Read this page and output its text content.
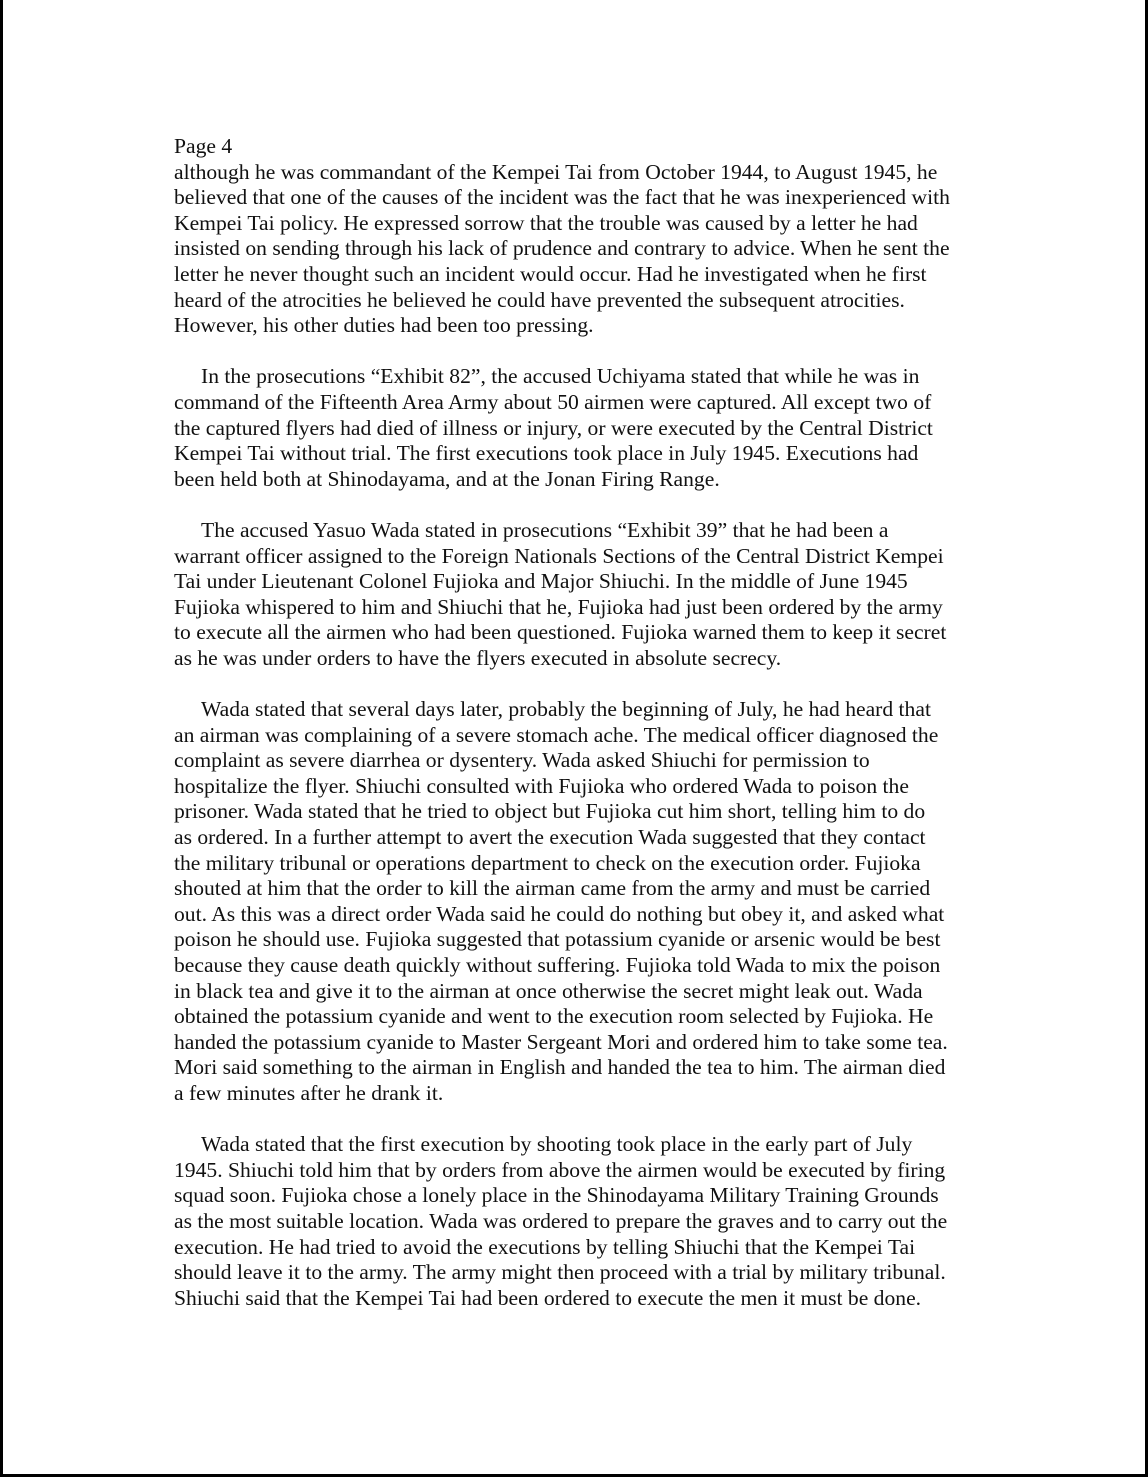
Page 4

although he was commandant of the Kempei Tai from October 1944, to August 1945, he
believed that one of the causes of the incident was the fact that he was inexperienced with
Kempei Tai policy. He expressed sorrow that the trouble was caused by a letter he had
insisted on sending through his lack of prudence and contrary to advice. When he sent the
letter he never thought such an incident would occur. Had he investigated when he first
heard of the atrocities he believed he could have prevented the subsequent atrocities.
However, his other duties had been too pressing.

In the prosecutions “Exhibit 82”, the accused Uchiyama stated that while he was in
command of the Fifteenth Area Army about 50 airmen were captured. All except two of
the captured flyers had died of illness or injury, or were executed by the Central District
Kempei Tai without trial. The first executions took place in July 1945. Executions had
been held both at Shinodayama, and at the Jonan Firing Range.

The accused Yasuo Wada stated in prosecutions “Exhibit 39” that he had been a
warrant officer assigned to the Foreign Nationals Sections of the Central District Kempei
Tai under Lieutenant Colonel Fujioka and Major Shiuchi. In the middle of June 1945
Fujioka whispered to him and Shiuchi that he, Fujioka had just been ordered by the army
to execute all the airmen who had been questioned. Fujioka warned them to keep it secret
as he was under orders to have the flyers executed in absolute secrecy.

Wada stated that several days later, probably the beginning of July, he had heard that
an airman was complaining of a severe stomach ache. The medical officer diagnosed the
complaint as severe diarrhea or dysentery. Wada asked Shiuchi for permission to
hospitalize the flyer. Shiuchi consulted with Fujioka who ordered Wada to poison the
prisoner. Wada stated that he tried to object but Fujioka cut him short, telling him to do
as ordered. In a further attempt to avert the execution Wada suggested that they contact
the military tribunal or operations department to check on the execution order. Fujioka
shouted at him that the order to kill the airman came from the army and must be carried
out. As this was a direct order Wada said he could do nothing but obey it, and asked what
poison he should use. Fujioka suggested that potassium cyanide or arsenic would be best
because they cause death quickly without suffering. Fujioka told Wada to mix the poison
in black tea and give it to the airman at once otherwise the secret might leak out. Wada
obtained the potassium cyanide and went to the execution room selected by Fujioka. He
handed the potassium cyanide to Master Sergeant Mori and ordered him to take some tea.
Mori said something to the airman in English and handed the tea to him. The airman died
a few minutes after he drank it.

Wada stated that the first execution by shooting took place in the early part of July
1945. Shiuchi told him that by orders from above the airmen would be executed by firing
squad soon. Fujioka chose a lonely place in the Shinodayama Military Training Grounds
as the most suitable location. Wada was ordered to prepare the graves and to carry out the
execution. He had tried to avoid the executions by telling Shiuchi that the Kempei Tai
should leave it to the army. The army might then proceed with a trial by military tribunal.
Shiuchi said that the Kempei Tai had been ordered to execute the men it must be done.
